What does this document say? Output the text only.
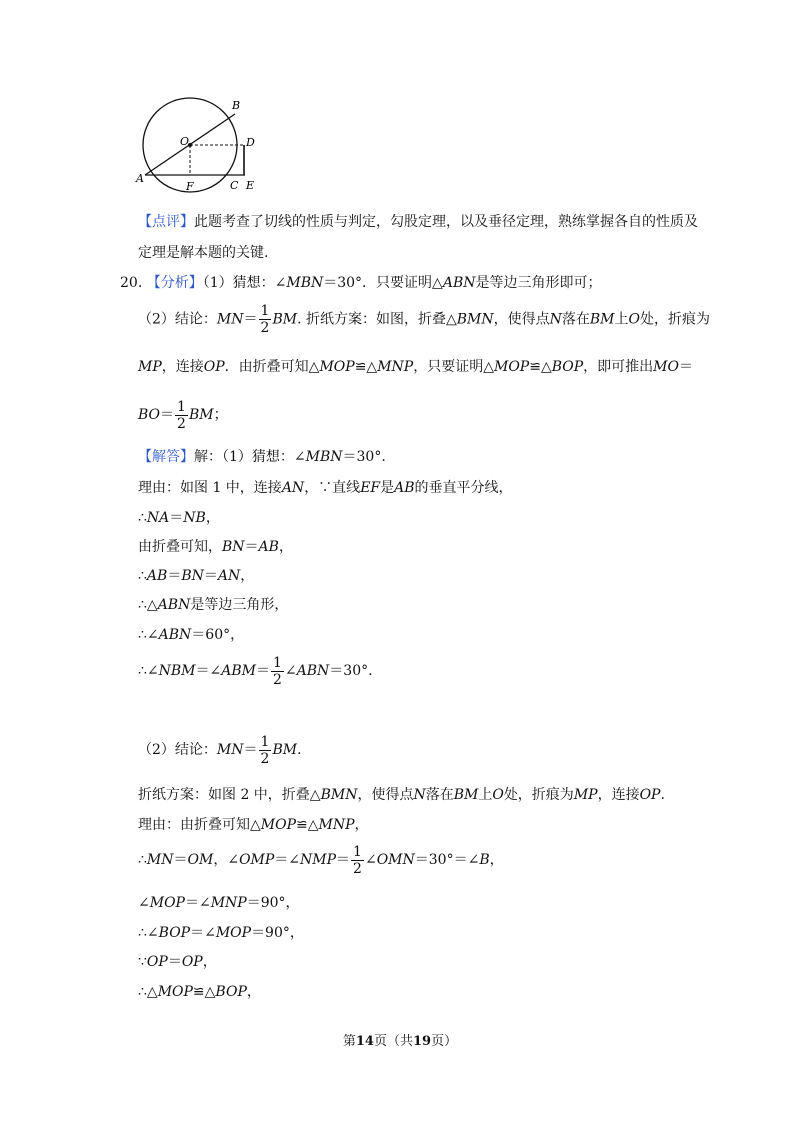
B
O	D
A
F	C E
【点评】此题考查了切线的性质与判定，勾股定理，以及垂径定理，熟练掌握各自的性质及
定理是解本题的关键.
20. 【分析】（1）猜想：∠MBN＝30°．只要证明△ABN是等边三角形即可；
（2）结论：$MN= \frac{1}{2}$ BM. 折纸方案：如图，折叠△BMN，使得点N落在BM上O处，折痕为
MP，连接OP．由折叠可知△MOP≌△MNP，只要证明△MOP≌△BOP，即可推出MO＝
$BO= \frac{1}{2}$ BM；
【解答】解：（1）猜想：∠MBN＝30°.
理由：如图 1 中，连接AN，∵直线EF是AB的垂直平分线，
∴NA＝NB，
由折叠可知，BN＝AB，
∴AB＝BN＝AN，
∴△ABN是等边三角形，
∴∠ABN＝60°，
∴∠NBM＝∠ABM＝ $\frac{1}{2}$ ∠ABN＝30°.
（2）结论：$MN= \frac{1}{2}$ BM.
折纸方案：如图 2 中，折叠△BMN，使得点N落在BM上O处，折痕为MP，连接OP.
理由：由折叠可知△MOP≌△MNP，
∴MN＝OM，∠OMP＝∠NMP＝ $\frac{1}{2}$ ∠OMN＝30°＝∠B，
∠MOP＝∠MNP＝90°，
∴∠BOP＝∠MOP＝90°，
∵OP＝OP，
∴△MOP≌△BOP，
第14页（共19页）
